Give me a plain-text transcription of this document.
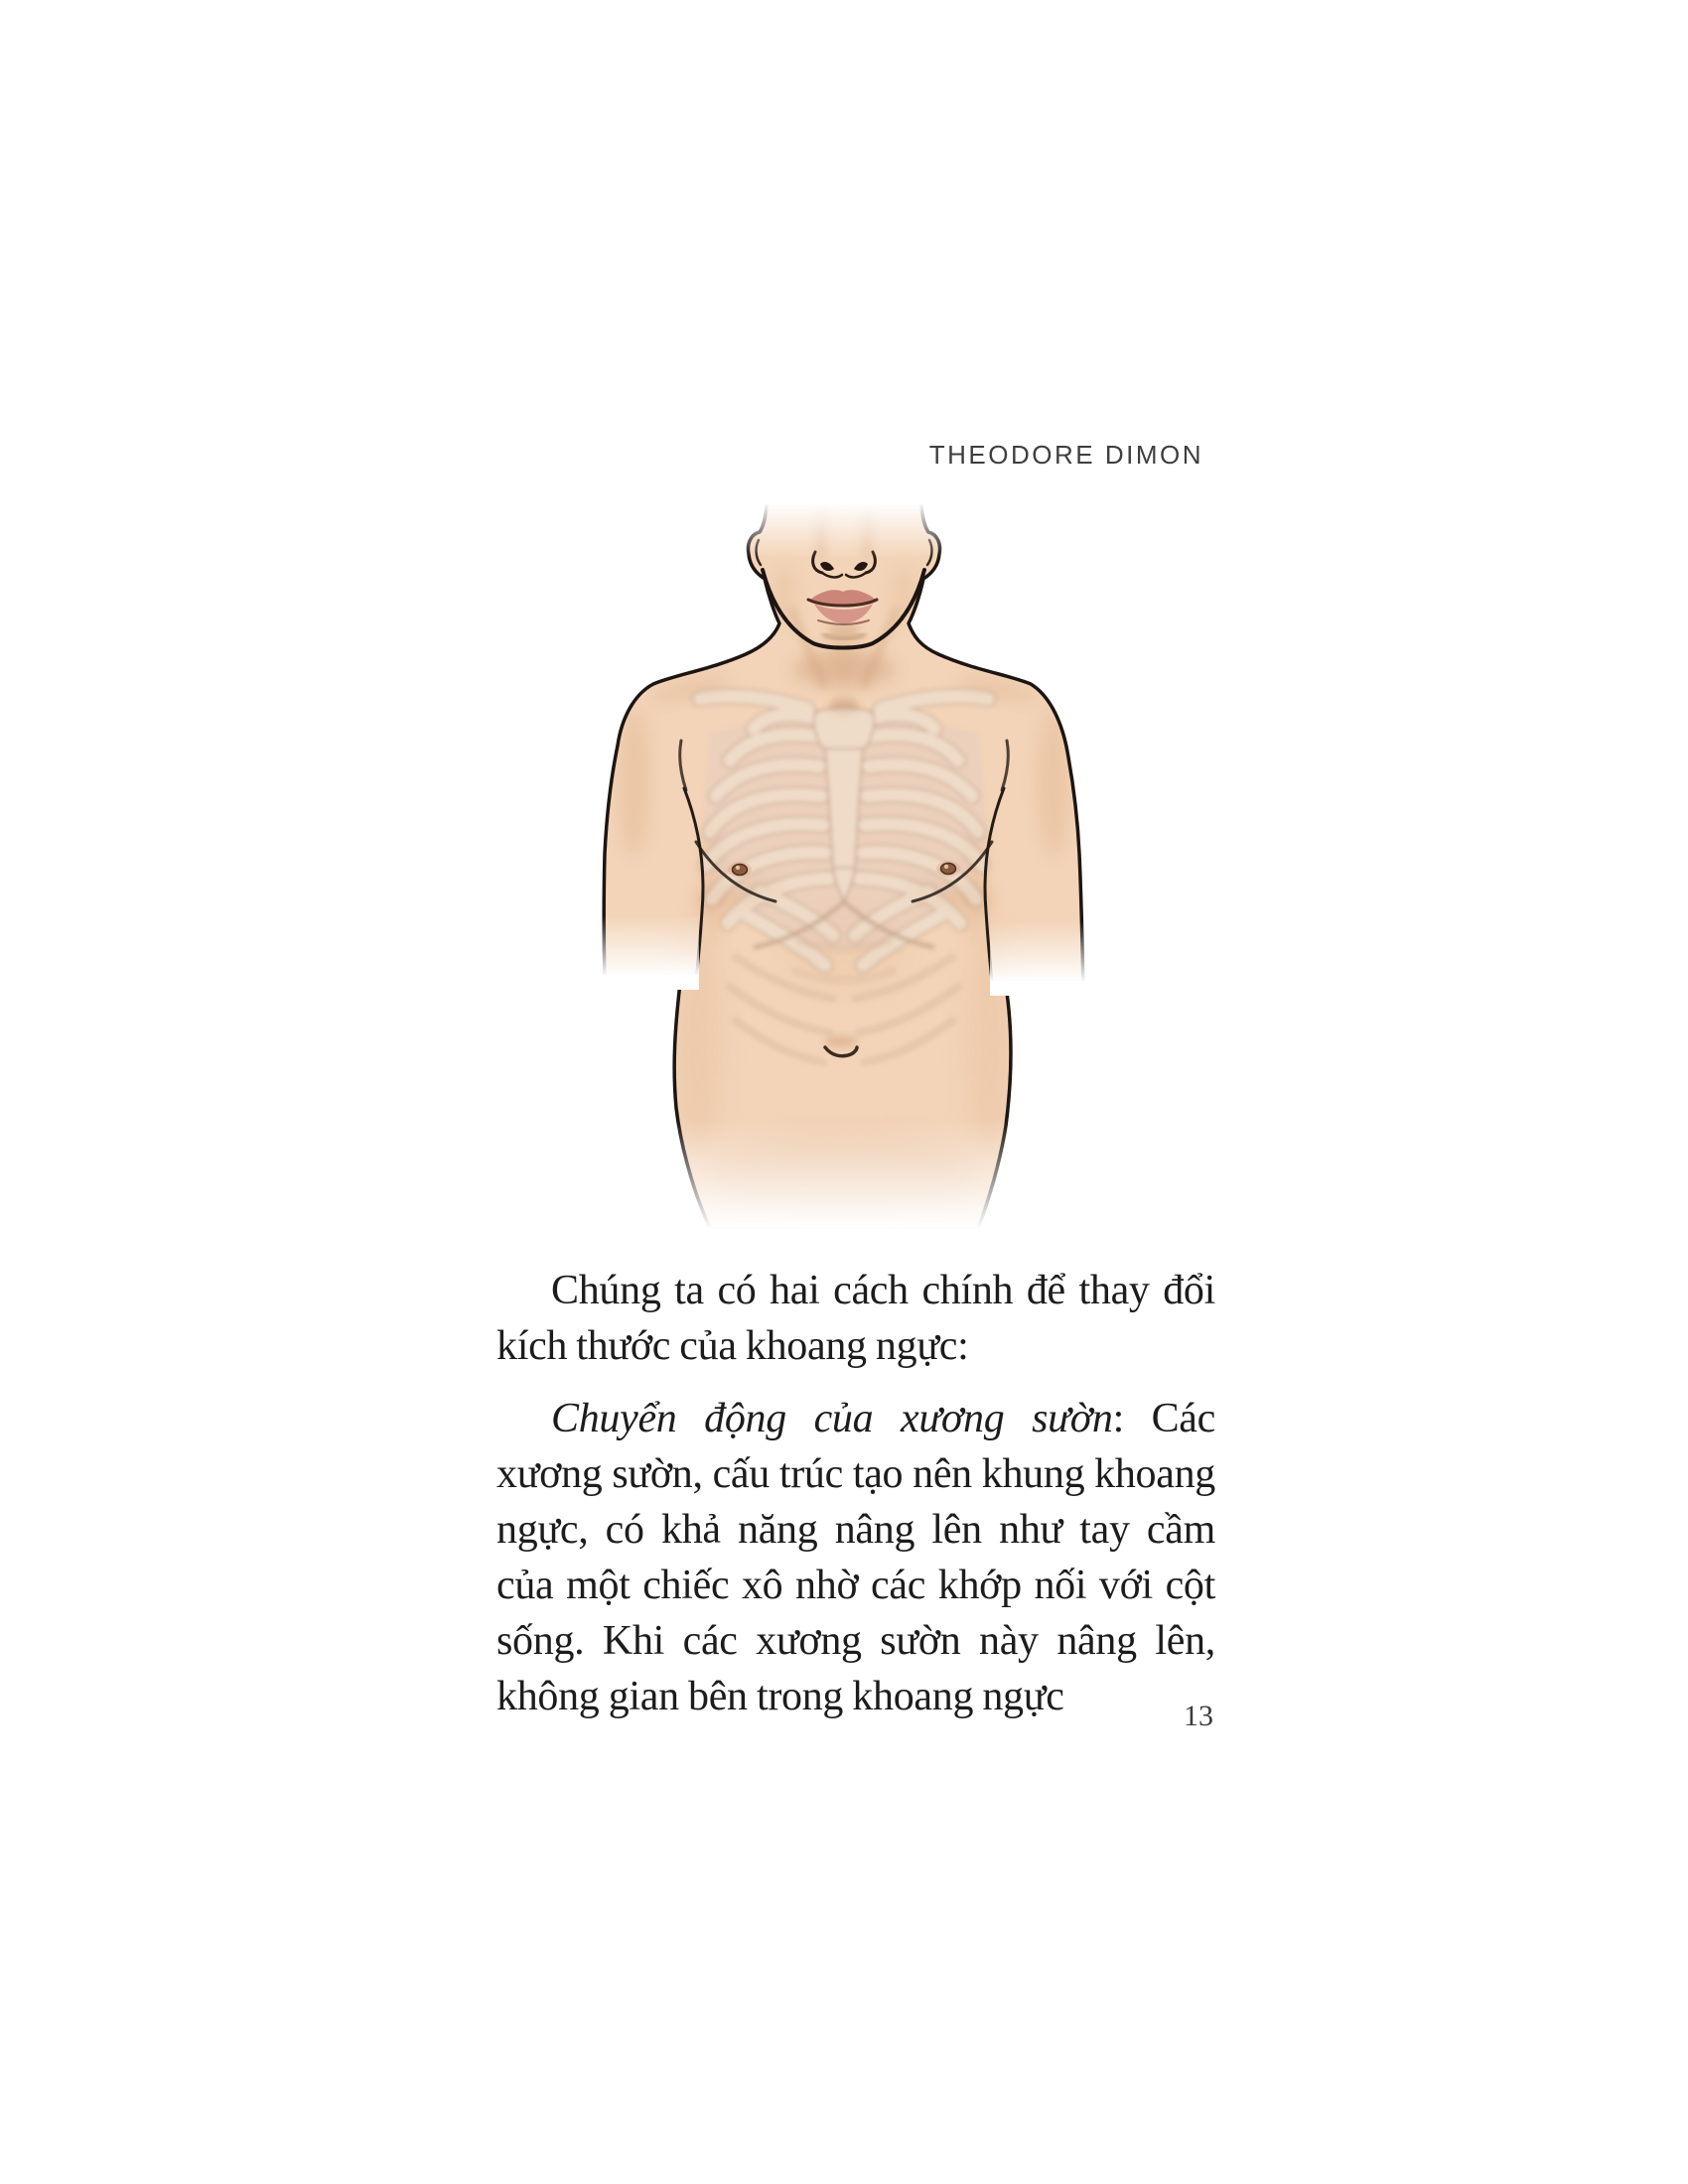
THEODORE DIMON

Chúng ta có hai cách chính để thay đổi kích thước của khoang ngực:

Chuyển động của xương sườn: Các xương sườn, cấu trúc tạo nên khung khoang ngực, có khả năng nâng lên như tay cầm của một chiếc xô nhờ các khớp nối với cột sống. Khi các xương sườn này nâng lên, không gian bên trong khoang ngực	13
